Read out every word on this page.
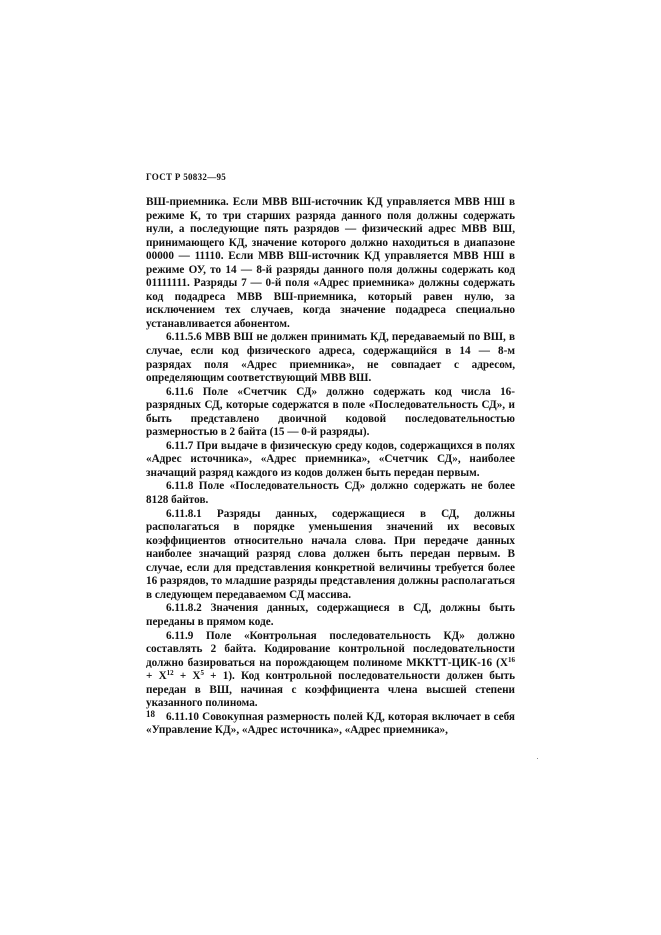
ГОСТ Р 50832—95

ВШ-приемника. Если МВВ ВШ-источник КД управляется МВВ НШ в режиме К, то три старших разряда данного поля должны содержать нули, а последующие пять разрядов — физический адрес МВВ ВШ, принимающего КД, значение которого должно находиться в диапазоне 00000 — 11110. Если МВВ ВШ-источник КД управляется МВВ НШ в режиме ОУ, то 14 — 8-й разряды данного поля должны содержать код 01111111. Разряды 7 — 0-й поля «Адрес приемника» должны содержать код подадреса МВВ ВШ-приемника, который равен нулю, за исключением тех случаев, когда значение подадреса специально устанавливается абонентом.

6.11.5.6 МВВ ВШ не должен принимать КД, передаваемый по ВШ, в случае, если код физического адреса, содержащийся в 14 — 8-м разрядах поля «Адрес приемника», не совпадает с адресом, определяющим соответствующий МВВ ВШ.

6.11.6 Поле «Счетчик СД» должно содержать код числа 16-разрядных СД, которые содержатся в поле «Последовательность СД», и быть представлено двоичной кодовой последовательностью размерностью в 2 байта (15 — 0-й разряды).

6.11.7 При выдаче в физическую среду кодов, содержащихся в полях «Адрес источника», «Адрес приемника», «Счетчик СД», наиболее значащий разряд каждого из кодов должен быть передан первым.

6.11.8 Поле «Последовательность СД» должно содержать не более 8128 байтов.

6.11.8.1 Разряды данных, содержащиеся в СД, должны располагаться в порядке уменьшения значений их весовых коэффициентов относительно начала слова. При передаче данных наиболее значащий разряд слова должен быть передан первым. В случае, если для представления конкретной величины требуется более 16 разрядов, то младшие разряды представления должны располагаться в следующем передаваемом СД массива.

6.11.8.2 Значения данных, содержащиеся в СД, должны быть переданы в прямом коде.

6.11.9 Поле «Контрольная последовательность КД» должно составлять 2 байта. Кодирование контрольной последовательности должно базироваться на порождающем полиноме МККТТ-ЦИК-16 $(X^{16} + X^{12} + X^5 + 1)$. Код контрольной последовательности должен быть передан в ВШ, начиная с коэффициента члена высшей степени указанного полинома.

6.11.10 Совокупная размерность полей КД, которая включает в себя «Управление КД», «Адрес источника», «Адрес приемника»,

18
